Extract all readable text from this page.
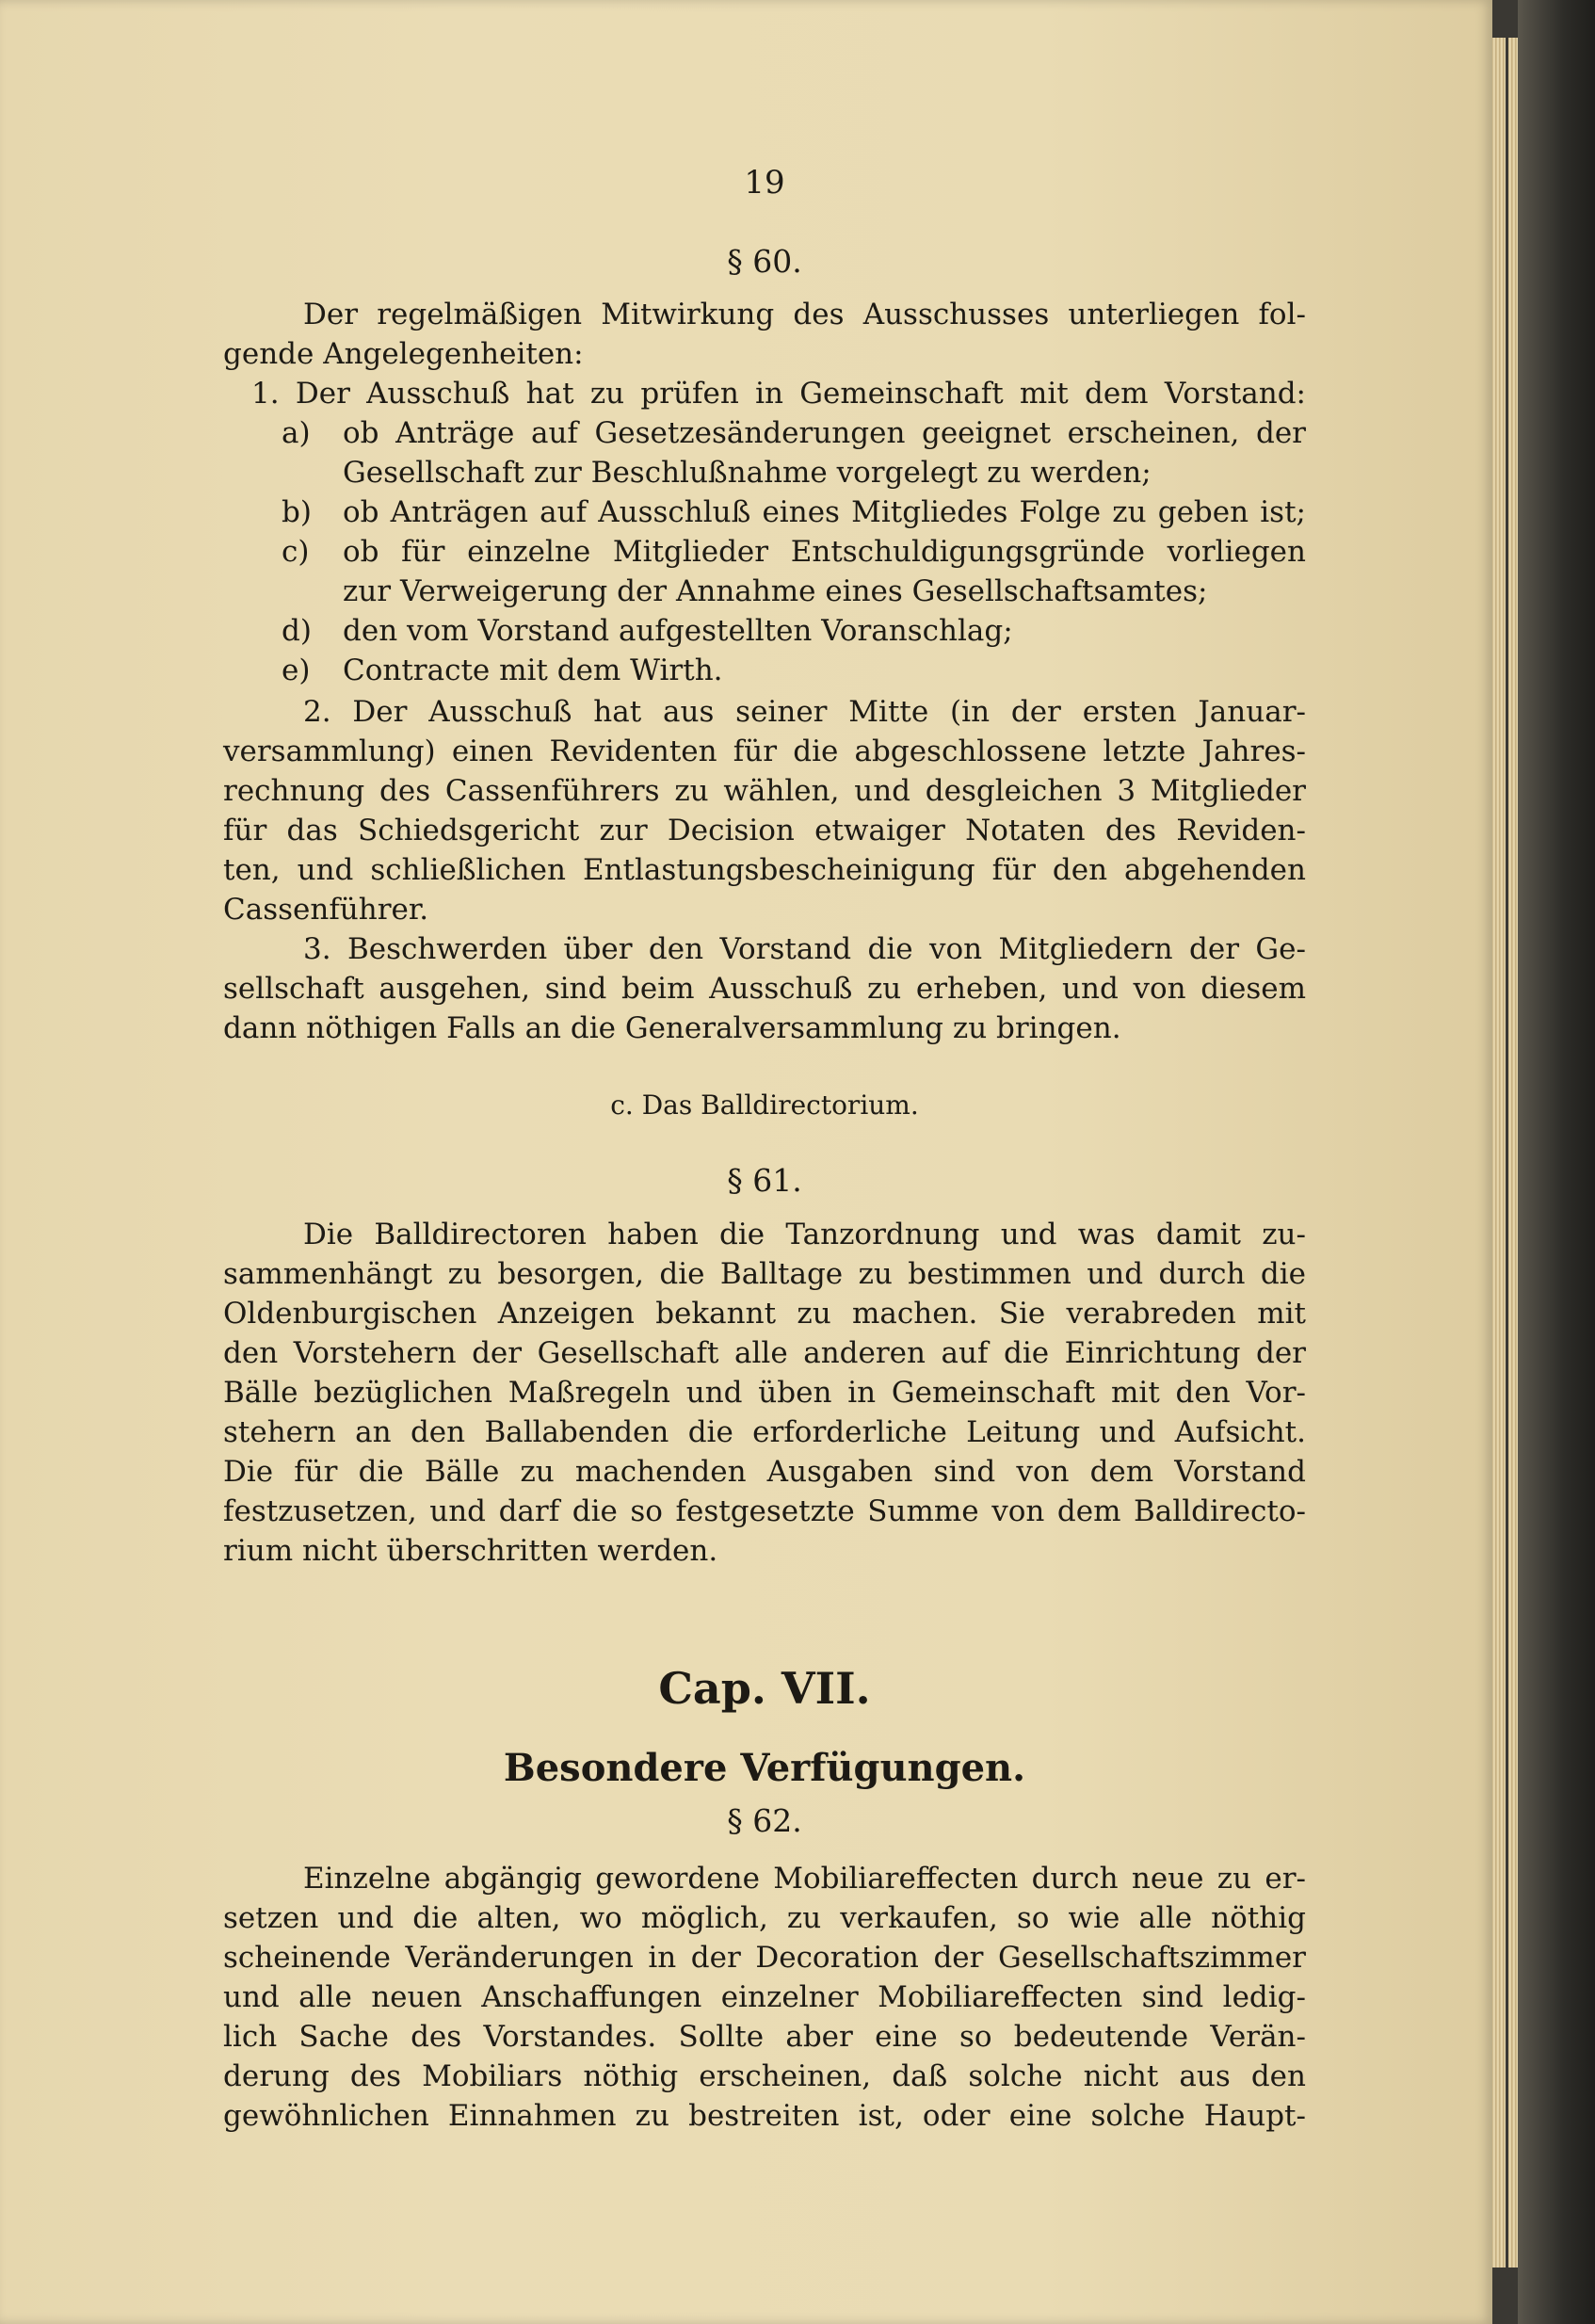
19
§ 60.
Der regelmäßigen Mitwirkung des Ausschusses unterliegen fol-
gende Angelegenheiten:
1. Der Ausschuß hat zu prüfen in Gemeinschaft mit dem Vorstand:
a) ob Anträge auf Gesetzesänderungen geeignet erscheinen, der
Gesellschaft zur Beschlußnahme vorgelegt zu werden;
b) ob Anträgen auf Ausschluß eines Mitgliedes Folge zu geben ist;
c) ob für einzelne Mitglieder Entschuldigungsgründe vorliegen
zur Verweigerung der Annahme eines Gesellschaftsamtes;
d) den vom Vorstand aufgestellten Voranschlag;
e) Contracte mit dem Wirth.
2. Der Ausschuß hat aus seiner Mitte (in der ersten Januar-
versammlung) einen Revidenten für die abgeschlossene letzte Jahres-
rechnung des Cassenführers zu wählen, und desgleichen 3 Mitglieder
für das Schiedsgericht zur Decision etwaiger Notaten des Reviden-
ten, und schließlichen Entlastungsbescheinigung für den abgehenden
Cassenführer.
3. Beschwerden über den Vorstand die von Mitgliedern der Ge-
sellschaft ausgehen, sind beim Ausschuß zu erheben, und von diesem
dann nöthigen Falls an die Generalversammlung zu bringen.
c. Das Balldirectorium.
§ 61.
Die Balldirectoren haben die Tanzordnung und was damit zu-
sammenhängt zu besorgen, die Balltage zu bestimmen und durch die
Oldenburgischen Anzeigen bekannt zu machen. Sie verabreden mit
den Vorstehern der Gesellschaft alle anderen auf die Einrichtung der
Bälle bezüglichen Maßregeln und üben in Gemeinschaft mit den Vor-
stehern an den Ballabenden die erforderliche Leitung und Aufsicht.
Die für die Bälle zu machenden Ausgaben sind von dem Vorstand
festzusetzen, und darf die so festgesetzte Summe von dem Balldirecto-
rium nicht überschritten werden.
Cap. VII.
Besondere Verfügungen.
§ 62.
Einzelne abgängig gewordene Mobiliareffecten durch neue zu er-
setzen und die alten, wo möglich, zu verkaufen, so wie alle nöthig
scheinende Veränderungen in der Decoration der Gesellschaftszimmer
und alle neuen Anschaffungen einzelner Mobiliareffecten sind ledig-
lich Sache des Vorstandes. Sollte aber eine so bedeutende Verän-
derung des Mobiliars nöthig erscheinen, daß solche nicht aus den
gewöhnlichen Einnahmen zu bestreiten ist, oder eine solche Haupt-
